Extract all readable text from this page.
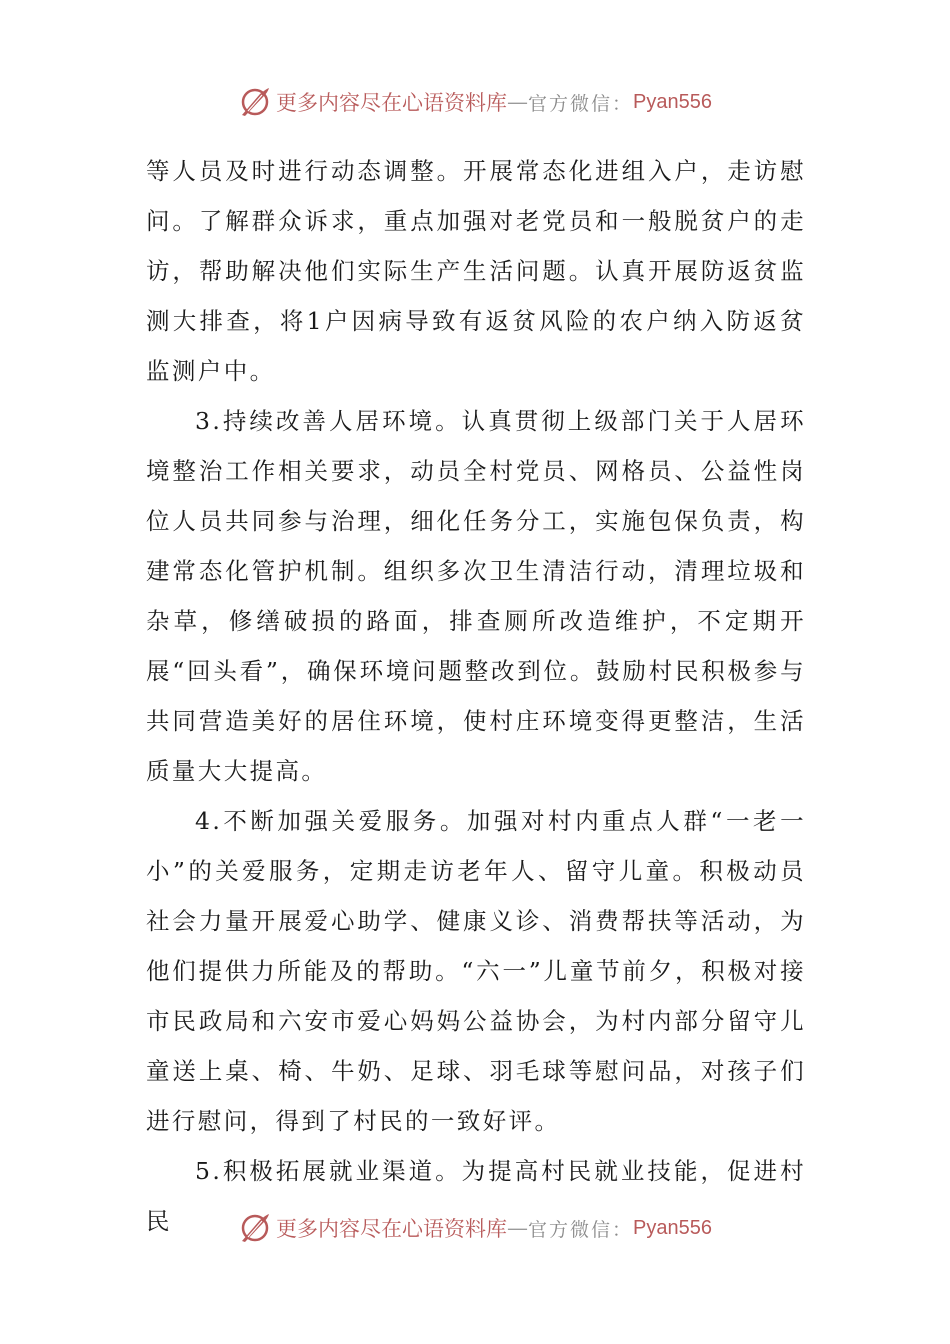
更多内容尽在心语资料库 — 官方微信： Pyan556

等人员及时进行动态调整。开展常态化进组入户，走访慰问。了解群众诉求，重点加强对老党员和一般脱贫户的走访，帮助解决他们实际生产生活问题。认真开展防返贫监测大排查，将1户因病导致有返贫风险的农户纳入防返贫监测户中。

3.持续改善人居环境。认真贯彻上级部门关于人居环境整治工作相关要求，动员全村党员、网格员、公益性岗位人员共同参与治理，细化任务分工，实施包保负责，构建常态化管护机制。组织多次卫生清洁行动，清理垃圾和杂草，修缮破损的路面，排查厕所改造维护，不定期开展“回头看”，确保环境问题整改到位。鼓励村民积极参与共同营造美好的居住环境，使村庄环境变得更整洁，生活质量大大提高。

4.不断加强关爱服务。加强对村内重点人群“一老一小”的关爱服务，定期走访老年人、留守儿童。积极动员社会力量开展爱心助学、健康义诊、消费帮扶等活动，为他们提供力所能及的帮助。“六一”儿童节前夕，积极对接市民政局和六安市爱心妈妈公益协会，为村内部分留守儿童送上桌、椅、牛奶、足球、羽毛球等慰问品，对孩子们进行慰问，得到了村民的一致好评。

5.积极拓展就业渠道。为提高村民就业技能，促进村民	更多内容尽在心语资料库 — 官方微信： Pyan556
